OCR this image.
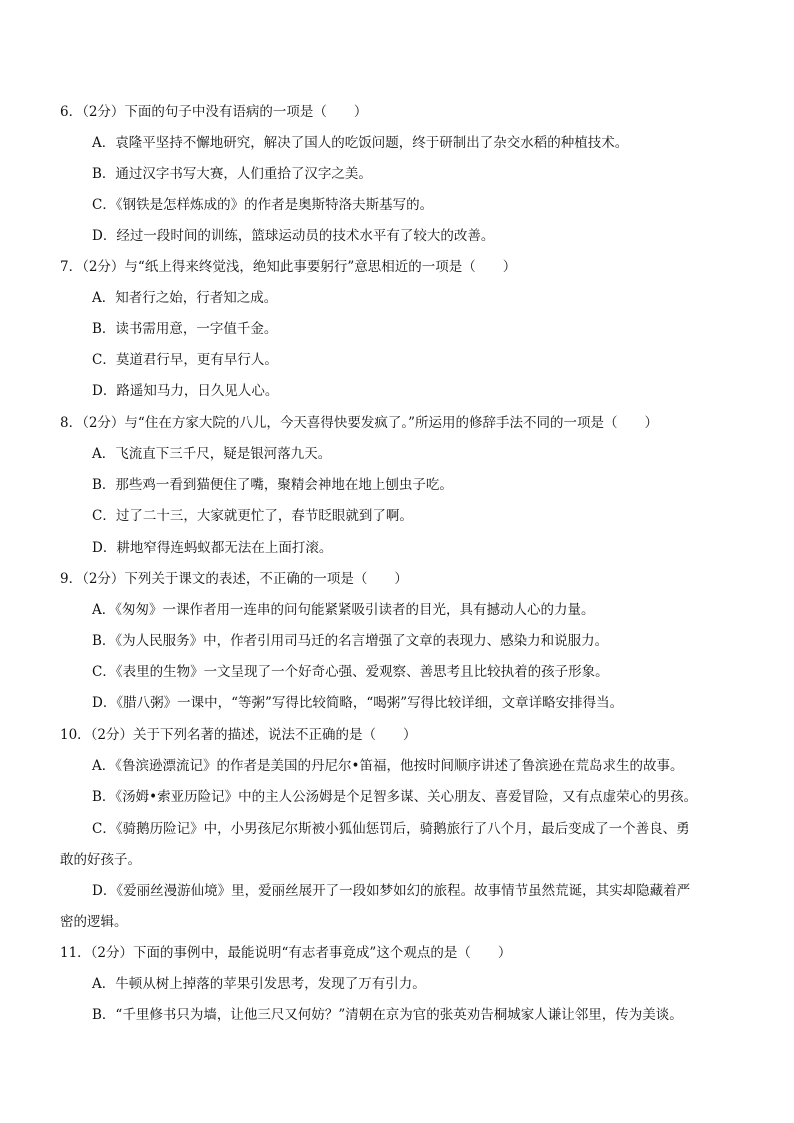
6．（2分）下面的句子中没有语病的一项是（　　）
A．袁隆平坚持不懈地研究，解决了国人的吃饭问题，终于研制出了杂交水稻的种植技术。
B．通过汉字书写大赛，人们重拾了汉字之美。
C．《钢铁是怎样炼成的》的作者是奥斯特洛夫斯基写的。
D．经过一段时间的训练，篮球运动员的技术水平有了较大的改善。
7．（2分）与“纸上得来终觉浅，绝知此事要躬行”意思相近的一项是（　　）
A．知者行之始，行者知之成。
B．读书需用意，一字值千金。
C．莫道君行早，更有早行人。
D．路遥知马力，日久见人心。
8．（2分）与“住在方家大院的八儿，今天喜得快要发疯了。”所运用的修辞手法不同的一项是（　　）
A．飞流直下三千尺，疑是银河落九天。
B．那些鸡一看到猫便住了嘴，聚精会神地在地上刨虫子吃。
C．过了二十三，大家就更忙了，春节眨眼就到了啊。
D．耕地窄得连蚂蚁都无法在上面打滚。
9．（2分）下列关于课文的表述，不正确的一项是（　　）
A．《匆匆》一课作者用一连串的问句能紧紧吸引读者的目光，具有撼动人心的力量。
B．《为人民服务》中，作者引用司马迁的名言增强了文章的表现力、感染力和说服力。
C．《表里的生物》一文呈现了一个好奇心强、爱观察、善思考且比较执着的孩子形象。
D．《腊八粥》一课中，“等粥”写得比较简略，“喝粥”写得比较详细，文章详略安排得当。
10．（2分）关于下列名著的描述，说法不正确的是（　　）
A．《鲁滨逊漂流记》的作者是美国的丹尼尔•笛福，他按时间顺序讲述了鲁滨逊在荒岛求生的故事。
B．《汤姆•索亚历险记》中的主人公汤姆是个足智多谋、关心朋友、喜爱冒险，又有点虚荣心的男孩。
C．《骑鹅历险记》中，小男孩尼尔斯被小狐仙惩罚后，骑鹅旅行了八个月，最后变成了一个善良、勇
敢的好孩子。
D．《爱丽丝漫游仙境》里，爱丽丝展开了一段如梦如幻的旅程。故事情节虽然荒诞，其实却隐藏着严
密的逻辑。
11．（2分）下面的事例中，最能说明“有志者事竟成”这个观点的是（　　）
A．牛顿从树上掉落的苹果引发思考，发现了万有引力。
B．“千里修书只为墙，让他三尺又何妨？”清朝在京为官的张英劝告桐城家人谦让邻里，传为美谈。
